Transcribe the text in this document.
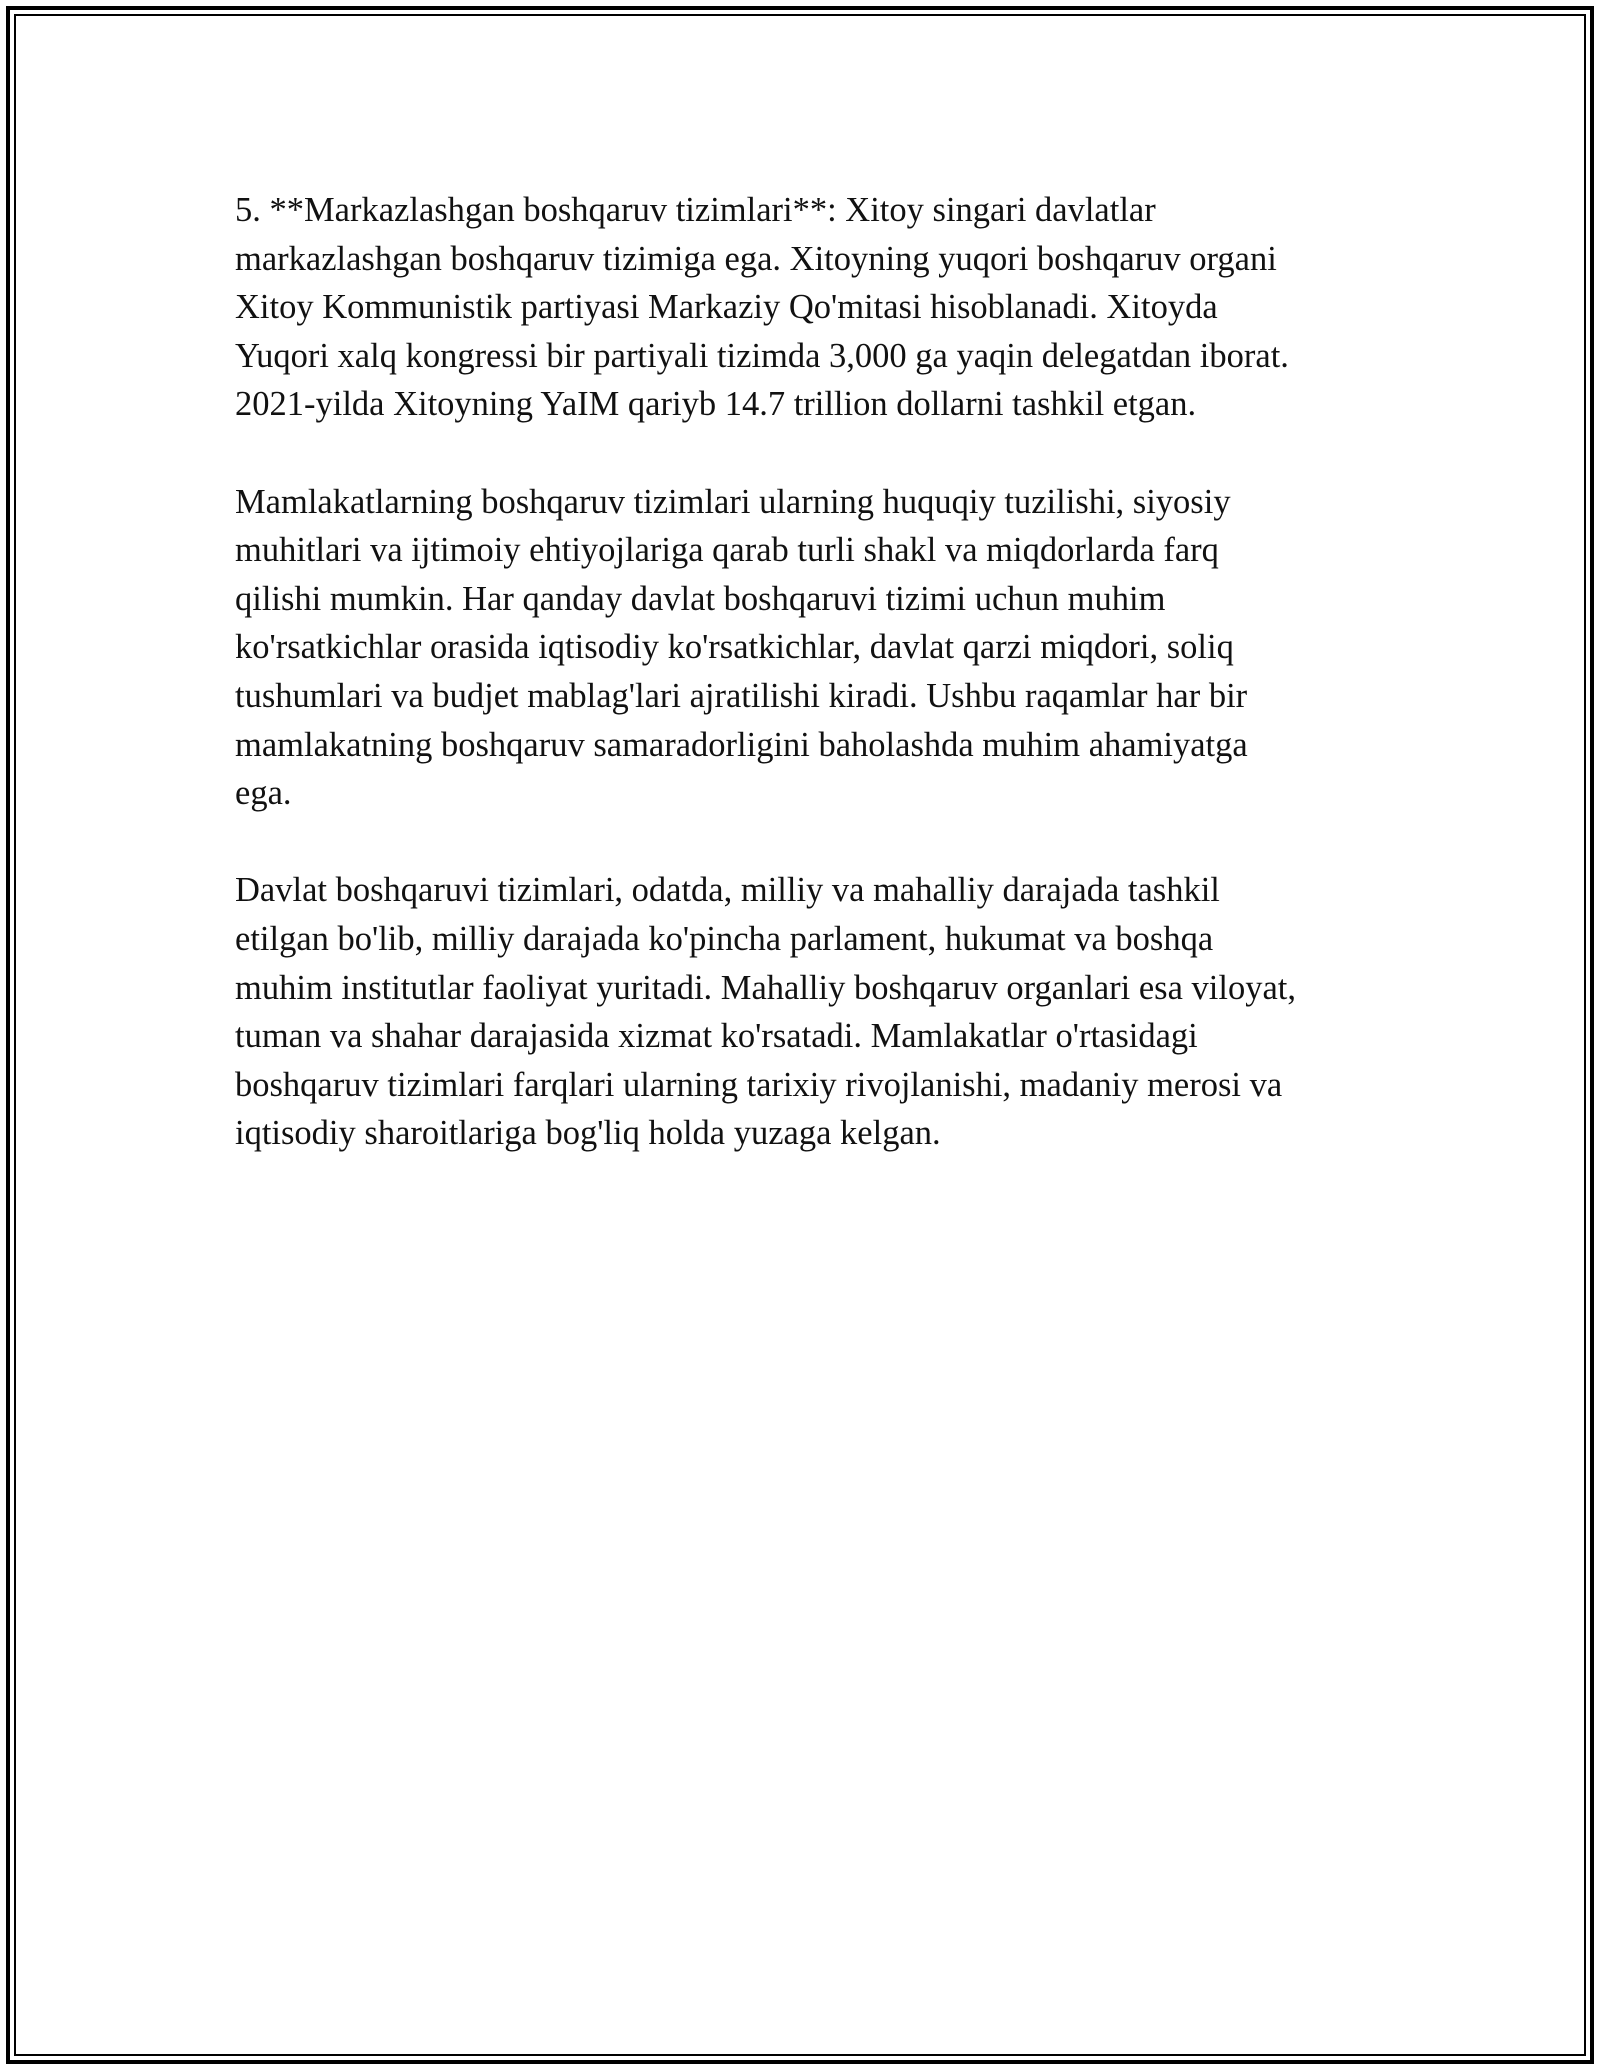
5. **Markazlashgan boshqaruv tizimlari**: Xitoy singari davlatlar
markazlashgan boshqaruv tizimiga ega. Xitoyning yuqori boshqaruv organi
Xitoy Kommunistik partiyasi Markaziy Qo'mitasi hisoblanadi. Xitoyda
Yuqori xalq kongressi bir partiyali tizimda 3,000 ga yaqin delegatdan iborat.
2021-yilda Xitoyning YaIM qariyb 14.7 trillion dollarni tashkil etgan.

Mamlakatlarning boshqaruv tizimlari ularning huquqiy tuzilishi, siyosiy
muhitlari va ijtimoiy ehtiyojlariga qarab turli shakl va miqdorlarda farq
qilishi mumkin. Har qanday davlat boshqaruvi tizimi uchun muhim
ko'rsatkichlar orasida iqtisodiy ko'rsatkichlar, davlat qarzi miqdori, soliq
tushumlari va budjet mablag'lari ajratilishi kiradi. Ushbu raqamlar har bir
mamlakatning boshqaruv samaradorligini baholashda muhim ahamiyatga
ega.

Davlat boshqaruvi tizimlari, odatda, milliy va mahalliy darajada tashkil
etilgan bo'lib, milliy darajada ko'pincha parlament, hukumat va boshqa
muhim institutlar faoliyat yuritadi. Mahalliy boshqaruv organlari esa viloyat,
tuman va shahar darajasida xizmat ko'rsatadi. Mamlakatlar o'rtasidagi
boshqaruv tizimlari farqlari ularning tarixiy rivojlanishi, madaniy merosi va
iqtisodiy sharoitlariga bog'liq holda yuzaga kelgan.
